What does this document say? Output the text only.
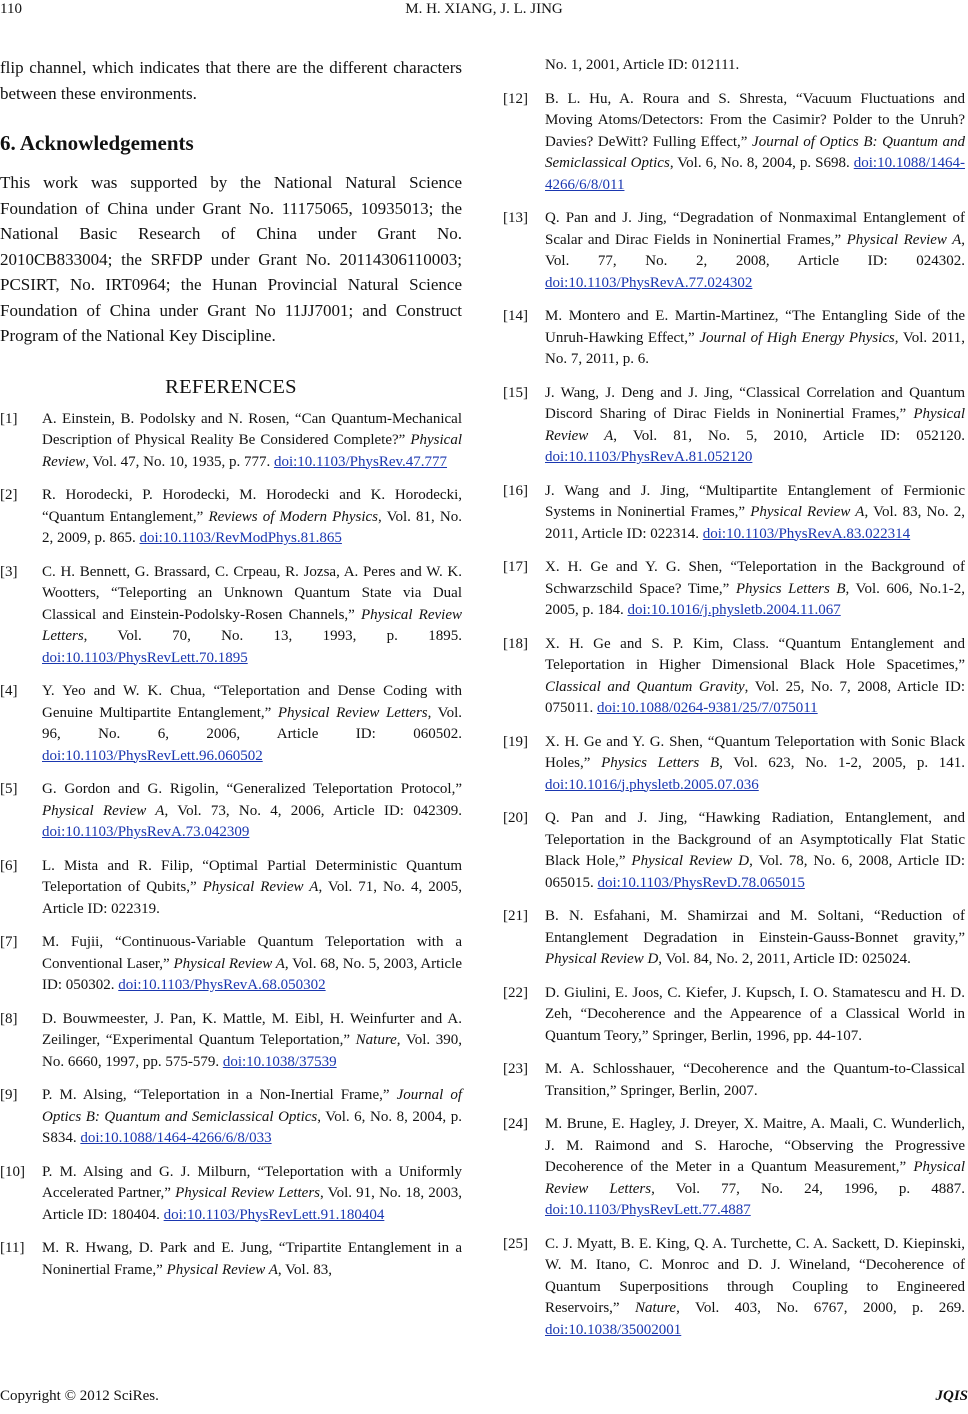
110	M. H. XIANG, J. L. JING

flip channel, which indicates that there are the different characters between these environments.

6. Acknowledgements

This work was supported by the National Natural Science Foundation of China under Grant No. 11175065, 10935013; the National Basic Research of China under Grant No. 2010CB833004; the SRFDP under Grant No. 20114306110003; PCSIRT, No. IRT0964; the Hunan Provincial Natural Science Foundation of China under Grant No 11JJ7001; and Construct Program of the National Key Discipline.

REFERENCES
[1]	A. Einstein, B. Podolsky and N. Rosen, “Can Quantum-Mechanical Description of Physical Reality Be Considered Complete?” Physical Review, Vol. 47, No. 10, 1935, p. 777. doi:10.1103/PhysRev.47.777
[2]	R. Horodecki, P. Horodecki, M. Horodecki and K. Horodecki, “Quantum Entanglement,” Reviews of Modern Physics, Vol. 81, No. 2, 2009, p. 865. doi:10.1103/RevModPhys.81.865
[3]	C. H. Bennett, G. Brassard, C. Crpeau, R. Jozsa, A. Peres and W. K. Wootters, “Teleporting an Unknown Quantum State via Dual Classical and Einstein-Podolsky-Rosen Channels,” Physical Review Letters, Vol. 70, No. 13, 1993, p. 1895. doi:10.1103/PhysRevLett.70.1895
[4]	Y. Yeo and W. K. Chua, “Teleportation and Dense Coding with Genuine Multipartite Entanglement,” Physical Review Letters, Vol. 96, No. 6, 2006, Article ID: 060502. doi:10.1103/PhysRevLett.96.060502
[5]	G. Gordon and G. Rigolin, “Generalized Teleportation Protocol,” Physical Review A, Vol. 73, No. 4, 2006, Article ID: 042309. doi:10.1103/PhysRevA.73.042309
[6]	L. Mista and R. Filip, “Optimal Partial Deterministic Quantum Teleportation of Qubits,” Physical Review A, Vol. 71, No. 4, 2005, Article ID: 022319.
[7]	M. Fujii, “Continuous-Variable Quantum Teleportation with a Conventional Laser,” Physical Review A, Vol. 68, No. 5, 2003, Article ID: 050302. doi:10.1103/PhysRevA.68.050302
[8]	D. Bouwmeester, J. Pan, K. Mattle, M. Eibl, H. Weinfurter and A. Zeilinger, “Experimental Quantum Teleportation,” Nature, Vol. 390, No. 6660, 1997, pp. 575-579. doi:10.1038/37539
[9]	P. M. Alsing, “Teleportation in a Non-Inertial Frame,” Journal of Optics B: Quantum and Semiclassical Optics, Vol. 6, No. 8, 2004, p. S834. doi:10.1088/1464-4266/6/8/033
[10]	P. M. Alsing and G. J. Milburn, “Teleportation with a Uniformly Accelerated Partner,” Physical Review Letters, Vol. 91, No. 18, 2003, Article ID: 180404. doi:10.1103/PhysRevLett.91.180404
[11]	M. R. Hwang, D. Park and E. Jung, “Tripartite Entanglement in a Noninertial Frame,” Physical Review A, Vol. 83,
No. 1, 2001, Article ID: 012111.
[12]	B. L. Hu, A. Roura and S. Shresta, “Vacuum Fluctuations and Moving Atoms/Detectors: From the Casimir? Polder to the Unruh? Davies? DeWitt? Fulling Effect,” Journal of Optics B: Quantum and Semiclassical Optics, Vol. 6, No. 8, 2004, p. S698. doi:10.1088/1464-4266/6/8/011
[13]	Q. Pan and J. Jing, “Degradation of Nonmaximal Entanglement of Scalar and Dirac Fields in Noninertial Frames,” Physical Review A, Vol. 77, No. 2, 2008, Article ID: 024302. doi:10.1103/PhysRevA.77.024302
[14]	M. Montero and E. Martin-Martinez, “The Entangling Side of the Unruh-Hawking Effect,” Journal of High Energy Physics, Vol. 2011, No. 7, 2011, p. 6.
[15]	J. Wang, J. Deng and J. Jing, “Classical Correlation and Quantum Discord Sharing of Dirac Fields in Noninertial Frames,” Physical Review A, Vol. 81, No. 5, 2010, Article ID: 052120. doi:10.1103/PhysRevA.81.052120
[16]	J. Wang and J. Jing, “Multipartite Entanglement of Fermionic Systems in Noninertial Frames,” Physical Review A, Vol. 83, No. 2, 2011, Article ID: 022314. doi:10.1103/PhysRevA.83.022314
[17]	X. H. Ge and Y. G. Shen, “Teleportation in the Background of Schwarzschild Space? Time,” Physics Letters B, Vol. 606, No.1-2, 2005, p. 184. doi:10.1016/j.physletb.2004.11.067
[18]	X. H. Ge and S. P. Kim, Class. “Quantum Entanglement and Teleportation in Higher Dimensional Black Hole Spacetimes,” Classical and Quantum Gravity, Vol. 25, No. 7, 2008, Article ID: 075011. doi:10.1088/0264-9381/25/7/075011
[19]	X. H. Ge and Y. G. Shen, “Quantum Teleportation with Sonic Black Holes,” Physics Letters B, Vol. 623, No. 1-2, 2005, p. 141. doi:10.1016/j.physletb.2005.07.036
[20]	Q. Pan and J. Jing, “Hawking Radiation, Entanglement, and Teleportation in the Background of an Asymptotically Flat Static Black Hole,” Physical Review D, Vol. 78, No. 6, 2008, Article ID: 065015. doi:10.1103/PhysRevD.78.065015
[21]	B. N. Esfahani, M. Shamirzai and M. Soltani, “Reduction of Entanglement Degradation in Einstein-Gauss-Bonnet gravity,” Physical Review D, Vol. 84, No. 2, 2011, Article ID: 025024.
[22]	D. Giulini, E. Joos, C. Kiefer, J. Kupsch, I. O. Stamatescu and H. D. Zeh, “Decoherence and the Appearence of a Classical World in Quantum Teory,” Springer, Berlin, 1996, pp. 44-107.
[23]	M. A. Schlosshauer, “Decoherence and the Quantum-to-Classical Transition,” Springer, Berlin, 2007.
[24]	M. Brune, E. Hagley, J. Dreyer, X. Maitre, A. Maali, C. Wunderlich, J. M. Raimond and S. Haroche, “Observing the Progressive Decoherence of the Meter in a Quantum Measurement,” Physical Review Letters, Vol. 77, No. 24, 1996, p. 4887. doi:10.1103/PhysRevLett.77.4887
[25]	C. J. Myatt, B. E. King, Q. A. Turchette, C. A. Sackett, D. Kiepinski, W. M. Itano, C. Monroc and D. J. Wineland, “Decoherence of Quantum Superpositions through Coupling to Engineered Reservoirs,” Nature, Vol. 403, No. 6767, 2000, p. 269. doi:10.1038/35002001
Copyright © 2012 SciRes.	JQIS
